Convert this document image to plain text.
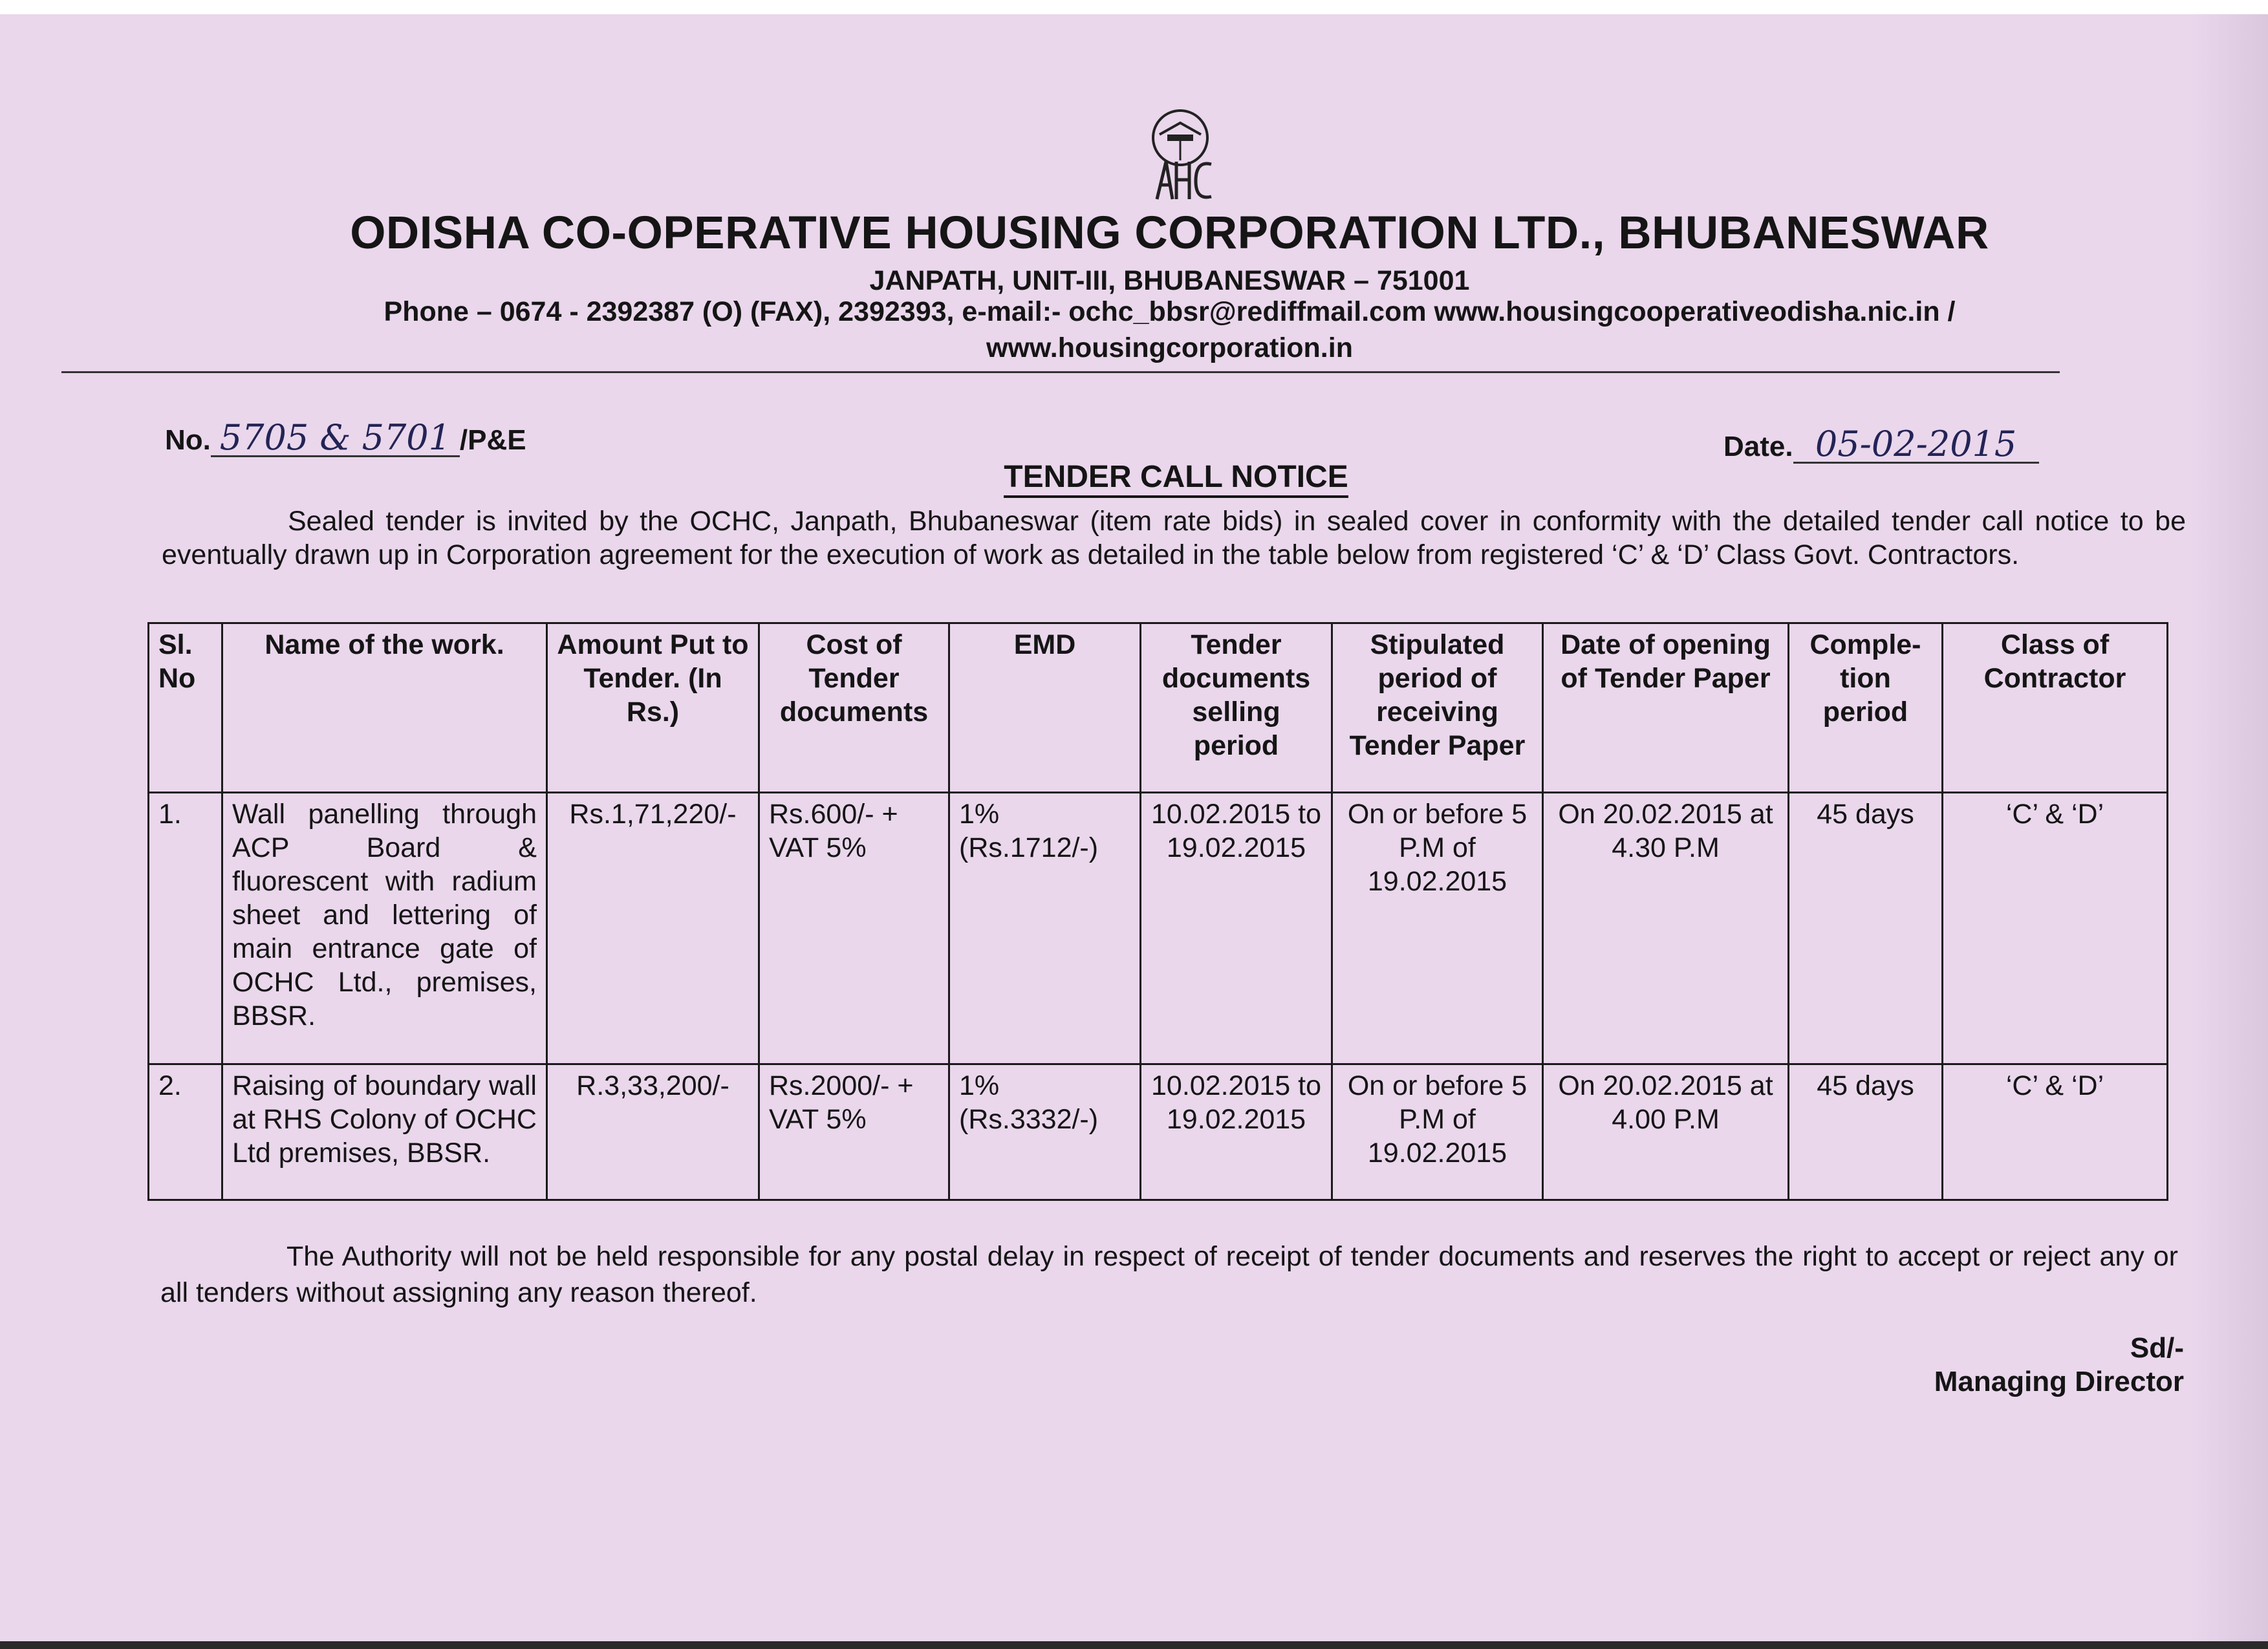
ODISHA CO-OPERATIVE HOUSING CORPORATION LTD., BHUBANESWAR
JANPATH, UNIT-III, BHUBANESWAR – 751001
Phone – 0674 - 2392387 (O) (FAX), 2392393, e-mail:- ochc_bbsr@rediffmail.com www.housingcooperativeodisha.nic.in /
www.housingcorporation.in
No. 5705 & 5701 /P&E	Date. 05-02-2015
TENDER CALL NOTICE
Sealed tender is invited by the OCHC, Janpath, Bhubaneswar (item rate bids) in sealed cover in conformity with the detailed tender call notice to be eventually drawn up in Corporation agreement for the execution of work as detailed in the table below from registered ‘C’ & ‘D’ Class Govt. Contractors.
Sl. No	Name of the work.	Amount Put to Tender. (In Rs.)	Cost of Tender documents	EMD	Tender documents selling period	Stipulated period of receiving Tender Paper	Date of opening of Tender Paper	Comple- tion period	Class of Contractor
1.	Wall panelling through ACP Board & fluorescent with radium sheet and lettering of main entrance gate of OCHC Ltd., premises, BBSR.	Rs.1,71,220/-	Rs.600/- + VAT 5%	1% (Rs.1712/-)	10.02.2015 to 19.02.2015	On or before 5 P.M of 19.02.2015	On 20.02.2015 at 4.30 P.M	45 days	‘C’ & ‘D’
2.	Raising of boundary wall at RHS Colony of OCHC Ltd premises, BBSR.	R.3,33,200/-	Rs.2000/- + VAT 5%	1% (Rs.3332/-)	10.02.2015 to 19.02.2015	On or before 5 P.M of 19.02.2015	On 20.02.2015 at 4.00 P.M	45 days	‘C’ & ‘D’
The Authority will not be held responsible for any postal delay in respect of receipt of tender documents and reserves the right to accept or reject any or all tenders without assigning any reason thereof.
Sd/-
Managing Director
